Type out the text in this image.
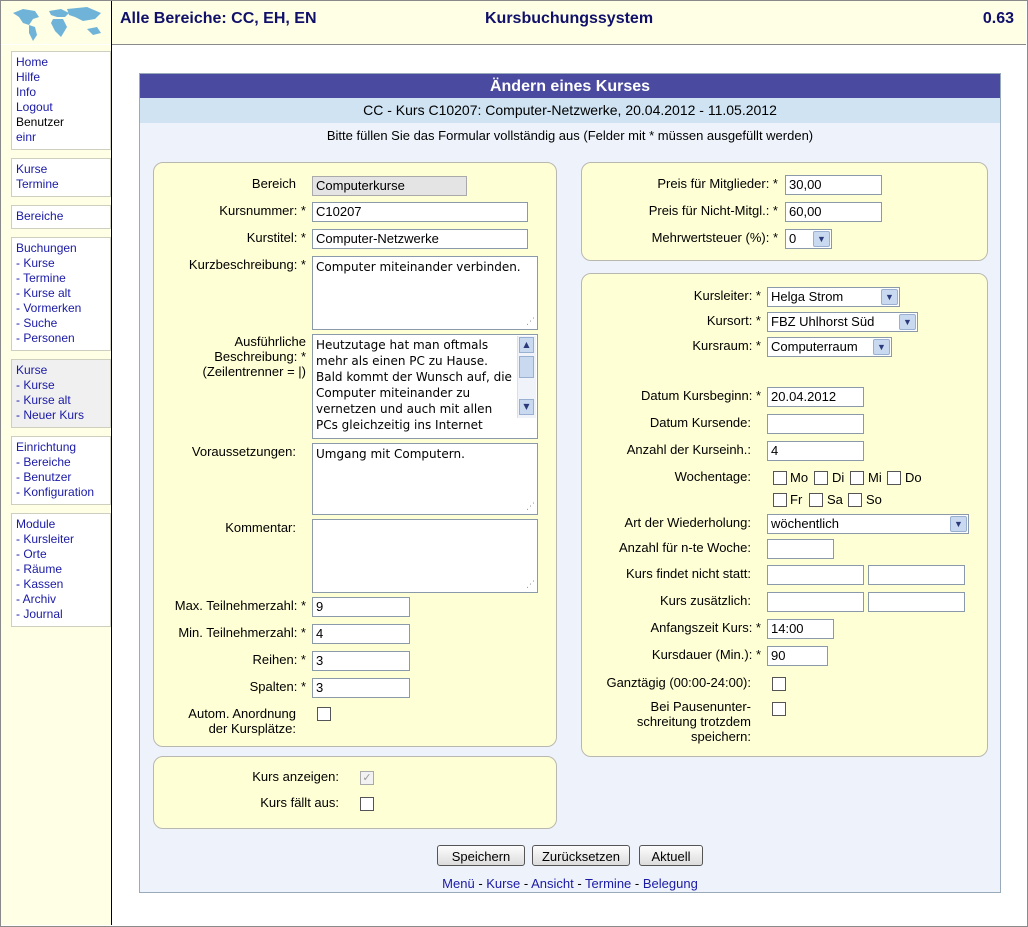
Alle Bereiche: CC, EH, EN	Kursbuchungssystem	0.63
Home
Hilfe
Info
Logout
Benutzer
einr
Kurse
Termine
Bereiche
Buchungen
- Kurse
- Termine
- Kurse alt
- Vormerken
- Suche
- Personen
Kurse
- Kurse
- Kurse alt
- Neuer Kurs
Einrichtung
- Bereiche
- Benutzer
- Konfiguration
Module
- Kursleiter
- Orte
- Räume
- Kassen
- Archiv
- Journal
Ändern eines Kurses
CC - Kurs C10207: Computer-Netzwerke, 20.04.2012 - 11.05.2012
Bitte füllen Sie das Formular vollständig aus (Felder mit * müssen ausgefüllt werden)
Bereich	Computerkurse
Kursnummer: * C10207
Kurstitel: * Computer-Netzwerke
Kurzbeschreibung: * Computer miteinander verbinden.
⋰
Ausführliche
Beschreibung: *
(Zeilentrenner = |)
Heutzutage hat man oftmals mehr als einen PC zu Hause. Bald kommt der Wunsch auf, die Computer miteinander zu vernetzen und auch mit allen PCs gleichzeitig ins Internet
▲
▼
Voraussetzungen:	Umgang mit Computern.
⋰
Kommentar:
⋰
Max. Teilnehmerzahl: * 9
Min. Teilnehmerzahl: * 4
Reihen: * 3
Spalten: * 3
Autom. Anordnung
der Kursplätze:
Kurs anzeigen: ✓
Kurs fällt aus:
Preis für Mitglieder: * 30,00
Preis für Nicht-Mitgl.: * 60,00
Mehrwertsteuer (%): * 0	▼
Kursleiter: * Helga Strom	▼
Kursort: * FBZ Uhlhorst Süd	▼
Kursraum: * Computerraum	▼
Datum Kursbeginn: * 20.04.2012
Datum Kursende:
Anzahl der Kurseinh.:	4
Wochentage:	Mo Di Mi Do
Fr Sa So
Art der Wiederholung:	wöchentlich	▼
Anzahl für n-te Woche:
Kurs findet nicht statt:
Kurs zusätzlich:
Anfangszeit Kurs: * 14:00
Kursdauer (Min.): * 90
Ganztägig (00:00-24:00):
Bei Pausenunter-
schreitung trotzdem
speichern:
Speichern	Zurücksetzen	Aktuell
Menü - Kurse - Ansicht - Termine - Belegung
